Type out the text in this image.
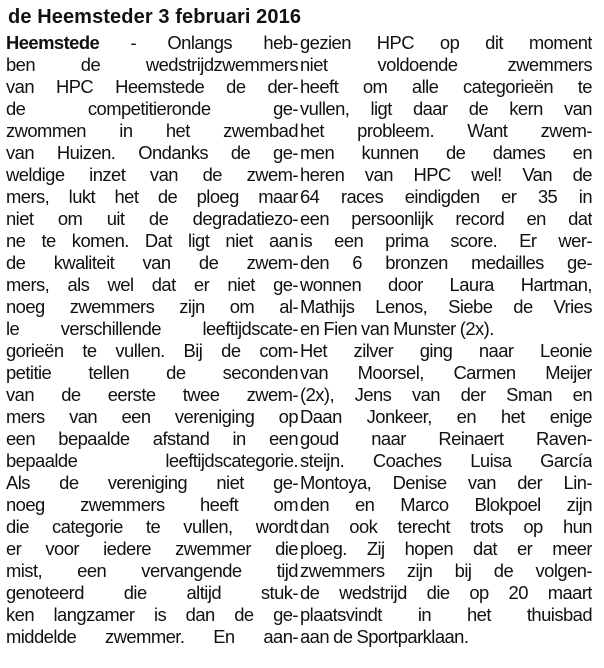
de Heemsteder 3 februari 2016
Heemstede - Onlangs heb-
ben de wedstrijdzwemmers
van HPC Heemstede de der-
de competitieronde ge-
zwommen in het zwembad
van Huizen. Ondanks de ge-
weldige inzet van de zwem-
mers, lukt het de ploeg maar
niet om uit de degradatiezo-
ne te komen. Dat ligt niet aan
de kwaliteit van de zwem-
mers, als wel dat er niet ge-
noeg zwemmers zijn om al-
le verschillende leeftijdscate-
gorieën te vullen. Bij de com-
petitie tellen de seconden
van de eerste twee zwem-
mers van een vereniging op
een bepaalde afstand in een
bepaalde leeftijdscategorie.
Als de vereniging niet ge-
noeg zwemmers heeft om
die categorie te vullen, wordt
er voor iedere zwemmer die
mist, een vervangende tijd
genoteerd die altijd stuk-
ken langzamer is dan de ge-
middelde zwemmer. En aan-
gezien HPC op dit moment
niet voldoende zwemmers
heeft om alle categorieën te
vullen, ligt daar de kern van
het probleem. Want zwem-
men kunnen de dames en
heren van HPC wel! Van de
64 races eindigden er 35 in
een persoonlijk record en dat
is een prima score. Er wer-
den 6 bronzen medailles ge-
wonnen door Laura Hartman,
Mathijs Lenos, Siebe de Vries
en Fien van Munster (2x).
Het zilver ging naar Leonie
van Moorsel, Carmen Meijer
(2x), Jens van der Sman en
Daan Jonkeer, en het enige
goud naar Reinaert Raven-
steijn. Coaches Luisa García
Montoya, Denise van der Lin-
den en Marco Blokpoel zijn
dan ook terecht trots op hun
ploeg. Zij hopen dat er meer
zwemmers zijn bij de volgen-
de wedstrijd die op 20 maart
plaatsvindt in het thuisbad
aan de Sportparklaan.
